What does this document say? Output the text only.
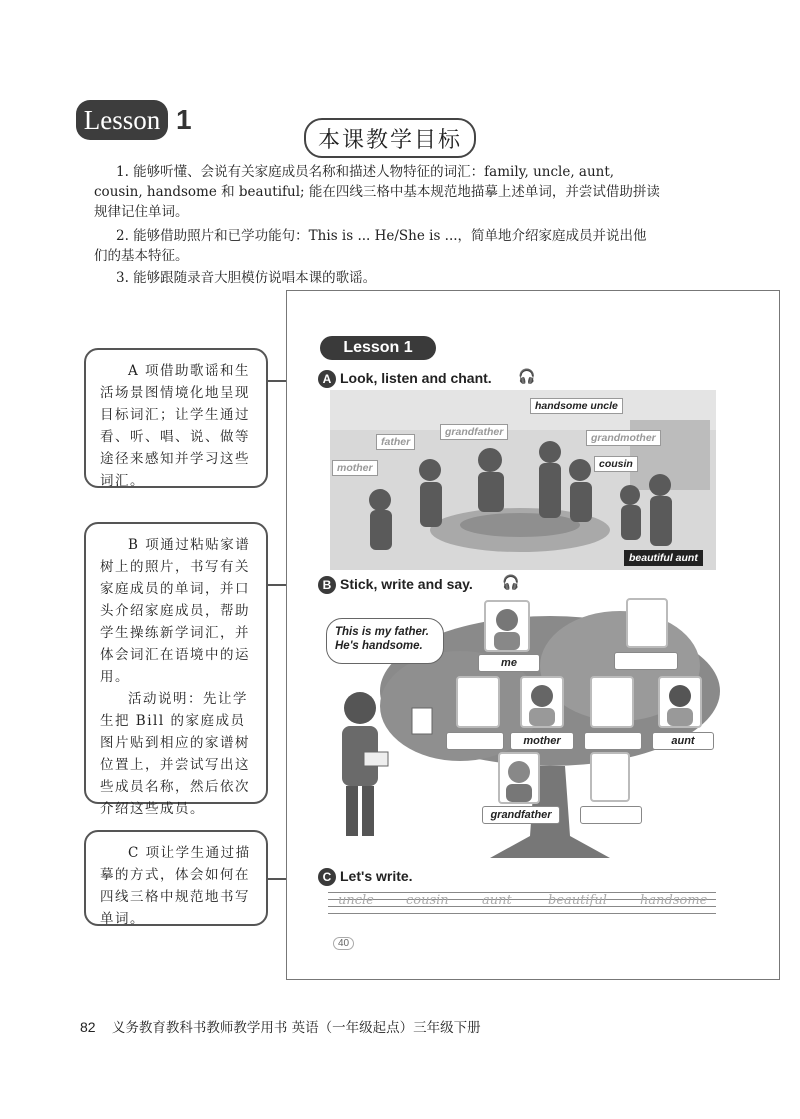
Lesson 1
本课教学目标
1. 能够听懂、会说有关家庭成员名称和描述人物特征的词汇：family, uncle, aunt,
cousin, handsome 和 beautiful; 能在四线三格中基本规范地描摹上述单词，并尝试借助拼读
规律记住单词。
2. 能够借助照片和已学功能句：This is ... He/She is ...，简单地介绍家庭成员并说出他
们的基本特征。
3. 能够跟随录音大胆模仿说唱本课的歌谣。

A 项借助歌谣和生活场景图情境化地呈现目标词汇；让学生通过看、听、唱、说、做等途径来感知并学习这些词汇。

B 项通过粘贴家谱树上的照片，书写有关家庭成员的单词，并口头介绍家庭成员，帮助学生操练新学词汇，并体会词汇在语境中的运用。

活动说明：先让学生把 Bill 的家庭成员图片贴到相应的家谱树位置上，并尝试写出这些成员名称，然后依次介绍这些成员。

C 项让学生通过描摹的方式，体会如何在四线三格中规范地书写单词。

Lesson 1
A Look, listen and chant. 🎧
handsome uncle
grandfather	grandmother
father
mother	cousin
beautiful aunt
B Stick, write and say. 🎧
This is my father.
He's handsome.
me
mother	aunt
grandfather
C Let's write.
uncle cousin	aunt	beautiful	handsome
40
82 义务教育教科书教师教学用书 英语（一年级起点）三年级下册
